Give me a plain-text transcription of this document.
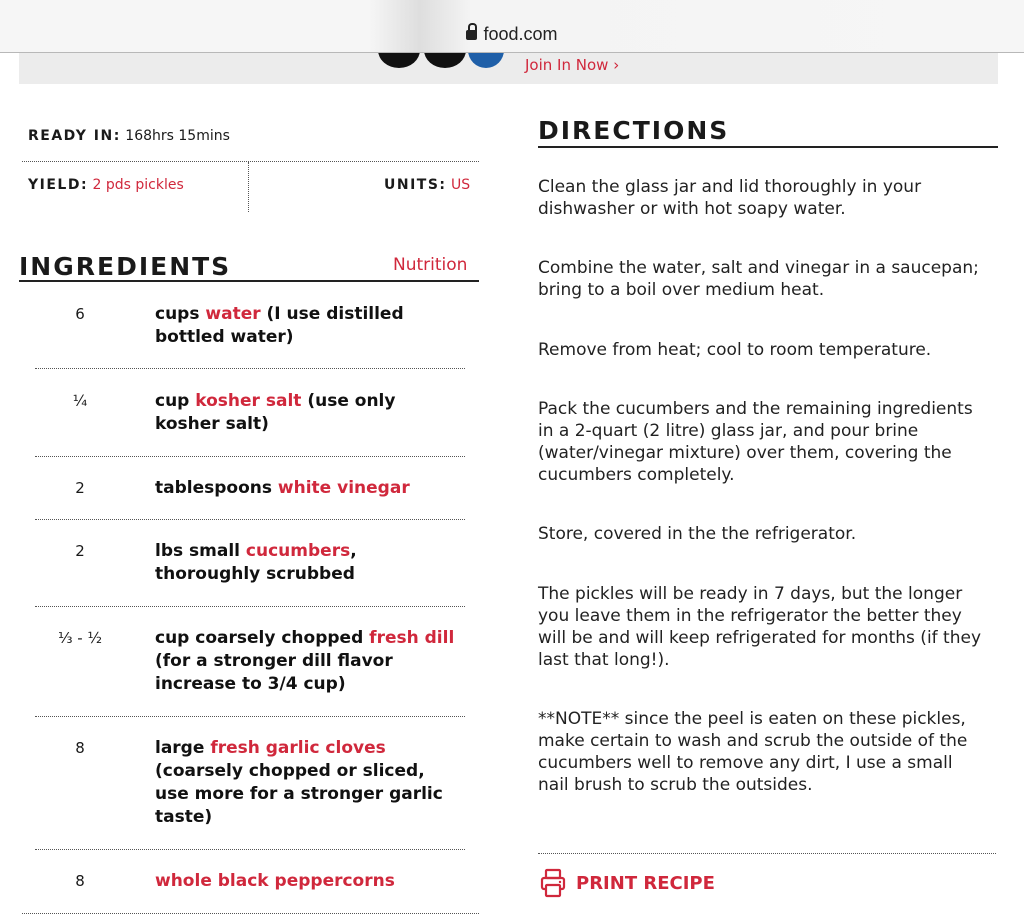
Join In Now ›
food.com
READY IN: 168hrs 15mins
YIELD: 2 pds pickles	UNITS: US
INGREDIENTS	Nutrition
6	cups water (I use distilled bottled water)
¼	cup kosher salt (use only kosher salt)
2	tablespoons white vinegar
2	lbs small cucumbers, thoroughly scrubbed
⅓ - ½	cup coarsely chopped fresh dill (for a stronger dill flavor increase to 3/4 cup)
8	large fresh garlic cloves (coarsely chopped or sliced, use more for a stronger garlic taste)
8	whole black peppercorns
DIRECTIONS
Clean the glass jar and lid thoroughly in your dishwasher or with hot soapy water.
Combine the water, salt and vinegar in a saucepan; bring to a boil over medium heat.
Remove from heat; cool to room temperature.
Pack the cucumbers and the remaining ingredients in a 2-quart (2 litre) glass jar, and pour brine (water/vinegar mixture) over them, covering the cucumbers completely.
Store, covered in the the refrigerator.
The pickles will be ready in 7 days, but the longer you leave them in the refrigerator the better they will be and will keep refrigerated for months (if they last that long!).
**NOTE** since the peel is eaten on these pickles, make certain to wash and scrub the outside of the cucumbers well to remove any dirt, I use a small nail brush to scrub the outsides.
PRINT RECIPE
